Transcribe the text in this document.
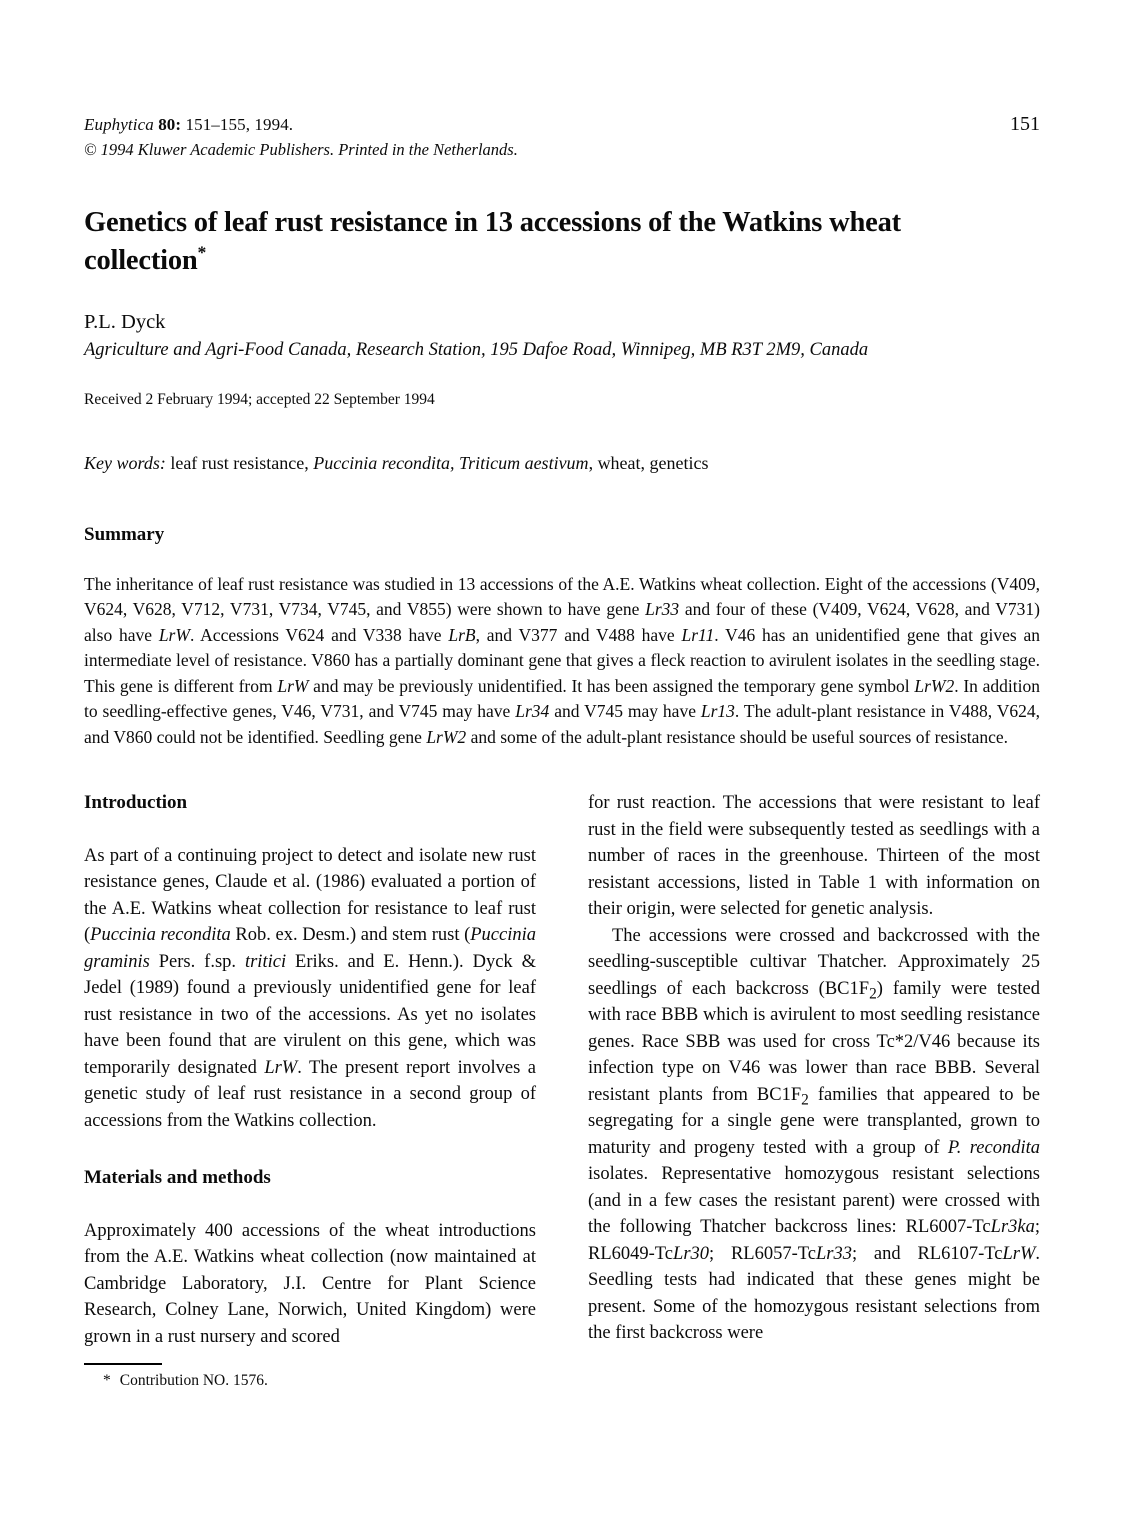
Euphytica 80: 151–155, 1994.	151
© 1994 Kluwer Academic Publishers. Printed in the Netherlands.
Genetics of leaf rust resistance in 13 accessions of the Watkins wheat collection*
P.L. Dyck
Agriculture and Agri-Food Canada, Research Station, 195 Dafoe Road, Winnipeg, MB R3T 2M9, Canada
Received 2 February 1994; accepted 22 September 1994
Key words: leaf rust resistance, Puccinia recondita, Triticum aestivum, wheat, genetics
Summary

The inheritance of leaf rust resistance was studied in 13 accessions of the A.E. Watkins wheat collection. Eight of the accessions (V409, V624, V628, V712, V731, V734, V745, and V855) were shown to have gene Lr33 and four of these (V409, V624, V628, and V731) also have LrW. Accessions V624 and V338 have LrB, and V377 and V488 have Lr11. V46 has an unidentified gene that gives an intermediate level of resistance. V860 has a partially dominant gene that gives a fleck reaction to avirulent isolates in the seedling stage. This gene is different from LrW and may be previously unidentified. It has been assigned the temporary gene symbol LrW2. In addition to seedling-effective genes, V46, V731, and V745 may have Lr34 and V745 may have Lr13. The adult-plant resistance in V488, V624, and V860 could not be identified. Seedling gene LrW2 and some of the adult-plant resistance should be useful sources of resistance.

Introduction

As part of a continuing project to detect and isolate new rust resistance genes, Claude et al. (1986) evaluated a portion of the A.E. Watkins wheat collection for resistance to leaf rust (Puccinia recondita Rob. ex. Desm.) and stem rust (Puccinia graminis Pers. f.sp. tritici Eriks. and E. Henn.). Dyck & Jedel (1989) found a previously unidentified gene for leaf rust resistance in two of the accessions. As yet no isolates have been found that are virulent on this gene, which was temporarily designated LrW. The present report involves a genetic study of leaf rust resistance in a second group of accessions from the Watkins collection.

Materials and methods

Approximately 400 accessions of the wheat introductions from the A.E. Watkins wheat collection (now maintained at Cambridge Laboratory, J.I. Centre for Plant Science Research, Colney Lane, Norwich, United Kingdom) were grown in a rust nursery and scored

* Contribution NO. 1576.

for rust reaction. The accessions that were resistant to leaf rust in the field were subsequently tested as seedlings with a number of races in the greenhouse. Thirteen of the most resistant accessions, listed in Table 1 with information on their origin, were selected for genetic analysis.

The accessions were crossed and backcrossed with the seedling-susceptible cultivar Thatcher. Approximately 25 seedlings of each backcross $(BC1F_2)$ family were tested with race BBB which is avirulent to most seedling resistance genes. Race SBB was used for cross Tc*2/V46 because its infection type on V46 was lower than race BBB. Several resistant plants from $BC1F_2$ families that appeared to be segregating for a single gene were transplanted, grown to maturity and progeny tested with a group of P. recondita isolates. Representative homozygous resistant selections (and in a few cases the resistant parent) were crossed with the following Thatcher backcross lines: RL6007-TcLr3ka; RL6049-TcLr30; RL6057-TcLr33; and RL6107-TcLrW. Seedling tests had indicated that these genes might be present. Some of the homozygous resistant selections from the first backcross were
